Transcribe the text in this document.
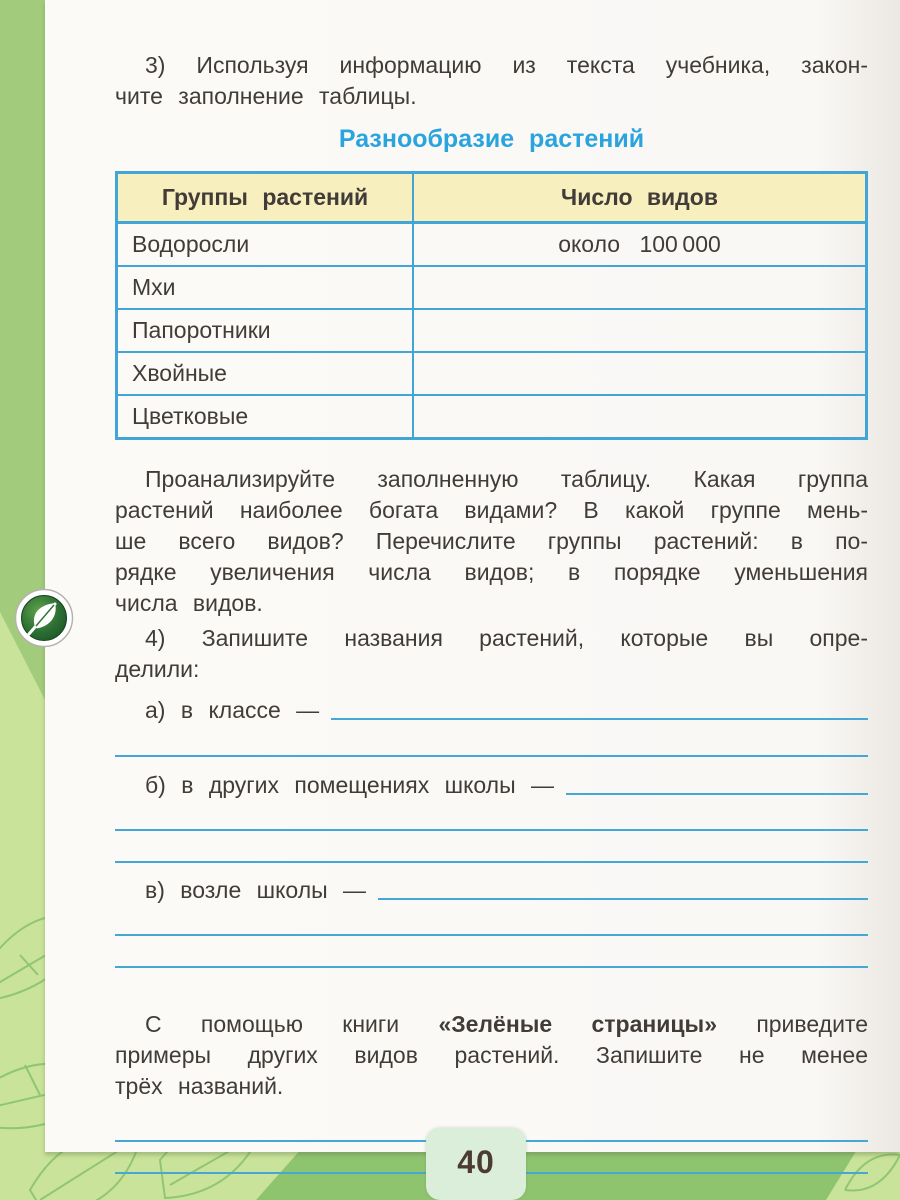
3) Используя информацию из текста учебника, закон-
чите заполнение таблицы.
Разнообразие растений
Группы растений	Число видов
Водоросли	около 100 000
Мхи	
Папоротники	
Хвойные	
Цветковые	
Проанализируйте заполненную таблицу. Какая группа
растений наиболее богата видами? В какой группе мень-
ше всего видов? Перечислите группы растений: в по-
рядке увеличения числа видов; в порядке уменьшения
числа видов.
4) Запишите названия растений, которые вы опре-
делили:
а) в классе —
б) в других помещениях школы —
в) возле школы —
С помощью книги «Зелёные страницы» приведите
примеры других видов растений. Запишите не менее
трёх названий.
40
